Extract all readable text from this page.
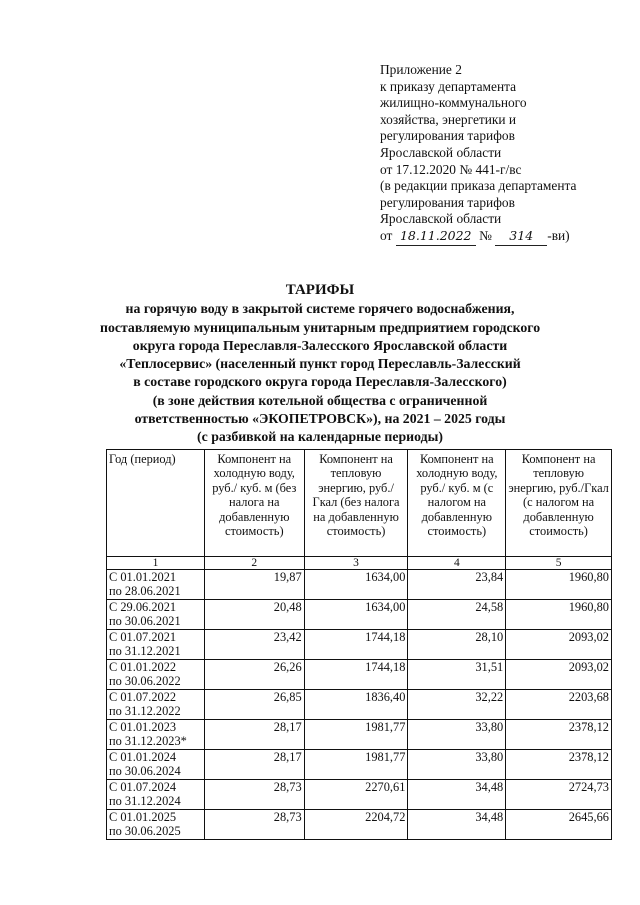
Приложение 2
к приказу департамента
жилищно-коммунального
хозяйства, энергетики и
регулирования тарифов
Ярославской области
от 17.12.2020 № 441-г/вс
(в редакции приказа департамента
регулирования тарифов
Ярославской области
от 18.11.2022 № 314 -ви)
ТАРИФЫ
на горячую воду в закрытой системе горячего водоснабжения,
поставляемую муниципальным унитарным предприятием городского
округа города Переславля-Залесского Ярославской области
«Теплосервис» (населенный пункт город Переславль-Залесский
в составе городского округа города Переславля-Залесского)
(в зоне действия котельной общества с ограниченной
ответственностью «ЭКОПЕТРОВСК»), на 2021 – 2025 годы
(с разбивкой на календарные периоды)
Год (период)	Компонент на холодную воду, руб./ куб. м (без налога на добавленную стоимость)	Компонент на тепловую энергию, руб./Гкал (без налога на добавленную стоимость)	Компонент на холодную воду, руб./ куб. м (с налогом на добавленную стоимость)	Компонент на тепловую энергию, руб./Гкал (с налогом на добавленную стоимость)
1	2	3	4	5

С 01.01.2021
по 28.06.2021	19,87	1634,00	23,84	1960,80

С 29.06.2021
по 30.06.2021	20,48	1634,00	24,58	1960,80

С 01.07.2021
по 31.12.2021	23,42	1744,18	28,10	2093,02

С 01.01.2022
по 30.06.2022	26,26	1744,18	31,51	2093,02

С 01.07.2022
по 31.12.2022	26,85	1836,40	32,22	2203,68

С 01.01.2023
по 31.12.2023*	28,17	1981,77	33,80	2378,12

С 01.01.2024
по 30.06.2024	28,17	1981,77	33,80	2378,12

С 01.07.2024
по 31.12.2024	28,73	2270,61	34,48	2724,73

С 01.01.2025
по 30.06.2025	28,73	2204,72	34,48	2645,66
